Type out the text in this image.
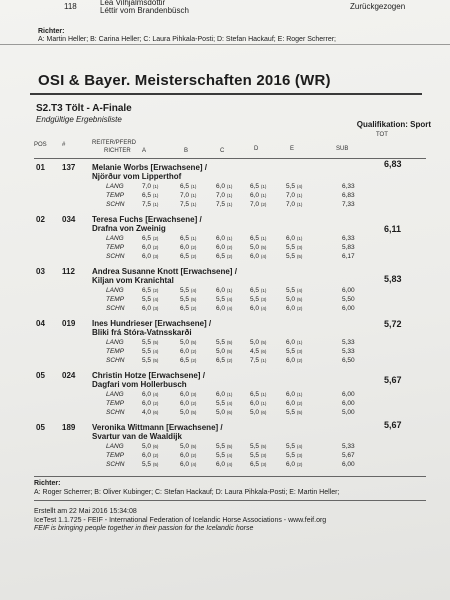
118	Lea Vilhjálmsdóttir
Léttir vom Brandenbüsch	Zurückgezogen
Richter:
A: Martin Heller; B: Carina Heller; C: Laura Pihkala-Posti; D: Stefan Hackauf; E: Roger Scherrer;
OSI & Bayer. Meisterschaften 2016 (WR)
S2.T3 Tölt - A-Finale
Endgültige Ergebnisliste
Qualifikation: Sport
TOT
POS	#	REITER/PFERD
RICHTER A	B	C	D	E	SUB
01 137 Melanie Worbs [Erwachsene] /
Njörður vom Lipperthof
6,83
LANG	7,0 (1)	6,5 (1)	6,0 (1)	6,5 (1)	5,5 (4)	6,33
TEMP	6,5 (1)	7,0 (1)	7,0 (1)	6,0 (1)	7,0 (1)	6,83
SCHN	7,5 (1)	7,5 (1)	7,5 (1)	7,0 (2)	7,0 (1)	7,33
02 034 Teresa Fuchs [Erwachsene] /
Drafna von Zweinig	6,11
LANG	6,5 (2)	6,5 (1)	6,0 (1)	6,5 (1)	6,0 (1)	6,33
TEMP	6,0 (2)	6,0 (2)	6,0 (2)	5,0 (5)	5,5 (3)	5,83
SCHN	6,0 (3)	6,5 (2)	6,5 (2)	6,0 (4)	5,5 (5)	6,17
03 112 Andrea Susanne Knott [Erwachsene] /
Kiljan vom Kranichtal	5,83
LANG	6,5 (2)	5,5 (4)	6,0 (1)	6,5 (1)	5,5 (4)	6,00
TEMP	5,5 (4)	5,5 (5)	5,5 (4)	5,5 (3)	5,0 (5)	5,50
SCHN	6,0 (3)	6,5 (2)	6,0 (4)	6,0 (4)	6,0 (2)	6,00
04 019 Ines Hundrieser [Erwachsene] /
Bliki frá Stóra-Vatnsskarði
5,72
LANG	5,5 (5)	5,0 (5)	5,5 (5)	5,0 (5)	6,0 (1)	5,33
TEMP	5,5 (4)	6,0 (2)	5,0 (5)	4,5 (6)	5,5 (3)	5,33
SCHN	5,5 (5)	6,5 (2)	6,5 (2)	7,5 (1)	6,0 (2)	6,50
05 024 Christin Hotze [Erwachsene] /
Dagfari vom Hollerbusch	5,67
LANG	6,0 (4)	6,0 (3)	6,0 (1)	6,5 (1)	6,0 (1)	6,00
TEMP	6,0 (2)	6,0 (2)	5,5 (4)	6,0 (1)	6,0 (2)	6,00
SCHN	4,0 (6)	5,0 (5)	5,0 (6)	5,0 (6)	5,5 (5)	5,00
05 189 Veronika Wittmann [Erwachsene] /
Svartur van de Waaldijk
5,67
LANG	5,0 (6)	5,0 (5)	5,5 (5)	5,5 (5)	5,5 (4)	5,33
TEMP	6,0 (2)	6,0 (2)	5,5 (4)	5,5 (3)	5,5 (3)	5,67
SCHN	5,5 (5)	6,0 (4)	6,0 (4)	6,5 (3)	6,0 (2)	6,00
Richter:
A: Roger Scherrer; B: Oliver Kubinger; C: Stefan Hackauf; D: Laura Pihkala-Posti; E: Martin Heller;
Erstellt am 22 Mai 2016 15:34:08
IceTest 1.1.725 - FEIF - International Federation of Icelandic Horse Associations - www.feif.org
FEIF is bringing people together in their passion for the Icelandic horse
